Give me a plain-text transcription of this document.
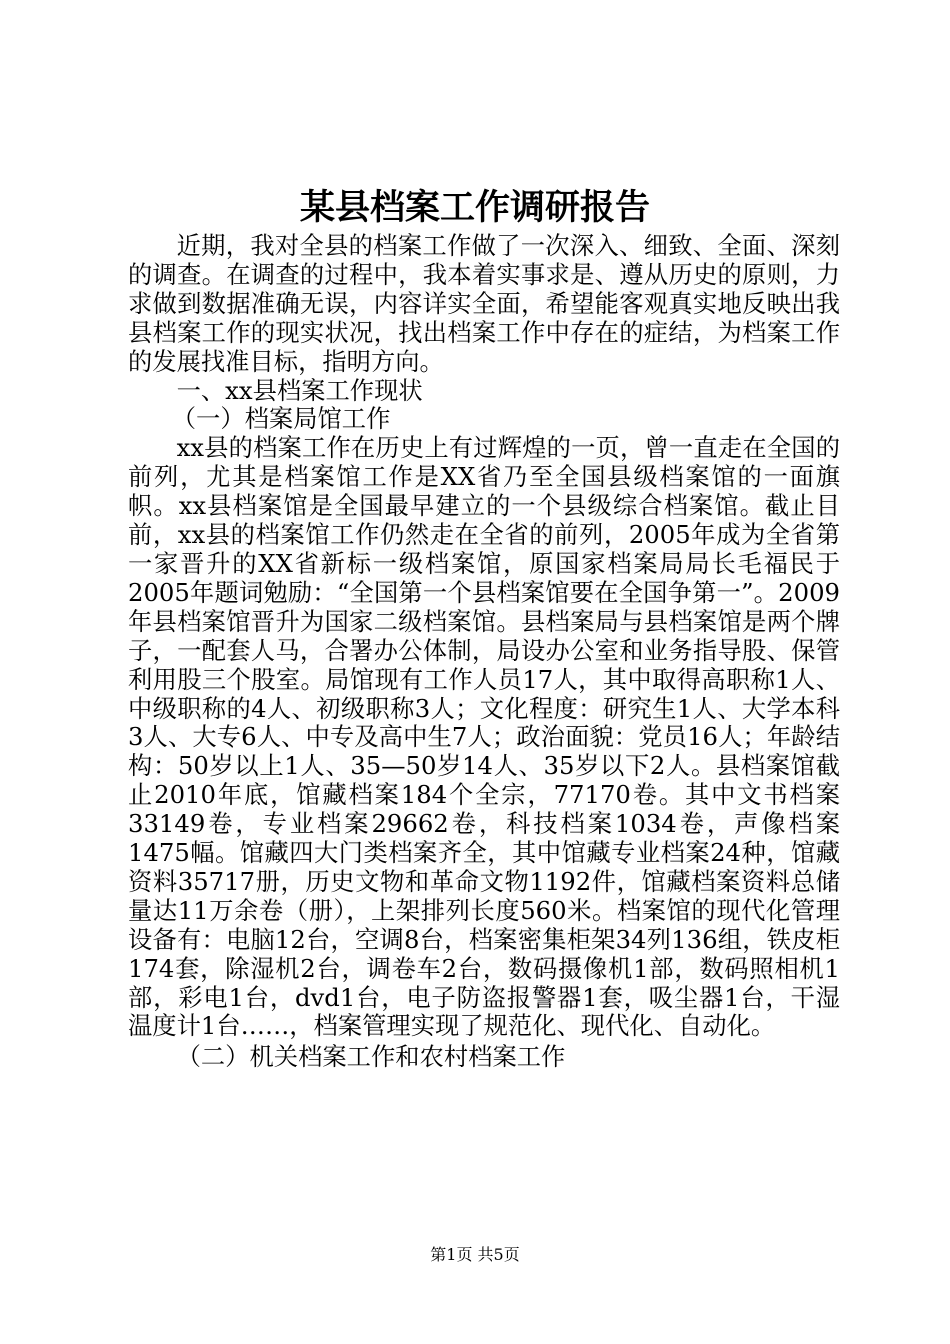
某县档案工作调研报告

近期，我对全县的档案工作做了一次深入、细致、全面、深刻的调查。在调查的过程中，我本着实事求是、遵从历史的原则，力求做到数据准确无误，内容详实全面，希望能客观真实地反映出我县档案工作的现实状况，找出档案工作中存在的症结，为档案工作的发展找准目标，指明方向。

一、xx县档案工作现状

（一）档案局馆工作

xx县的档案工作在历史上有过辉煌的一页，曾一直走在全国的前列，尤其是档案馆工作是XX省乃至全国县级档案馆的一面旗帜。xx县档案馆是全国最早建立的一个县级综合档案馆。截止目前，xx县的档案馆工作仍然走在全省的前列，2005年成为全省第一家晋升的XX省新标一级档案馆，原国家档案局局长毛福民于2005年题词勉励：“全国第一个县档案馆要在全国争第一”。2009年县档案馆晋升为国家二级档案馆。县档案局与县档案馆是两个牌子，一配套人马，合署办公体制，局设办公室和业务指导股、保管利用股三个股室。局馆现有工作人员17人，其中取得高职称1人、中级职称的4人、初级职称3人；文化程度：研究生1人、大学本科3人、大专6人、中专及高中生7人；政治面貌：党员16人；年龄结构：50岁以上1人、35—50岁14人、35岁以下2人。县档案馆截止2010年底，馆藏档案184个全宗，77170卷。其中文书档案33149卷，专业档案29662卷，科技档案1034卷，声像档案1475幅。馆藏四大门类档案齐全，其中馆藏专业档案24种，馆藏资料35717册，历史文物和革命文物1192件，馆藏档案资料总储量达11万余卷（册），上架排列长度560米。档案馆的现代化管理设备有：电脑12台，空调8台，档案密集柜架34列136组，铁皮柜174套，除湿机2台，调卷车2台，数码摄像机1部，数码照相机1部，彩电1台，dvd1台，电子防盗报警器1套，吸尘器1台，干湿温度计1台……，档案管理实现了规范化、现代化、自动化。

（二）机关档案工作和农村档案工作

第1页 共5页
